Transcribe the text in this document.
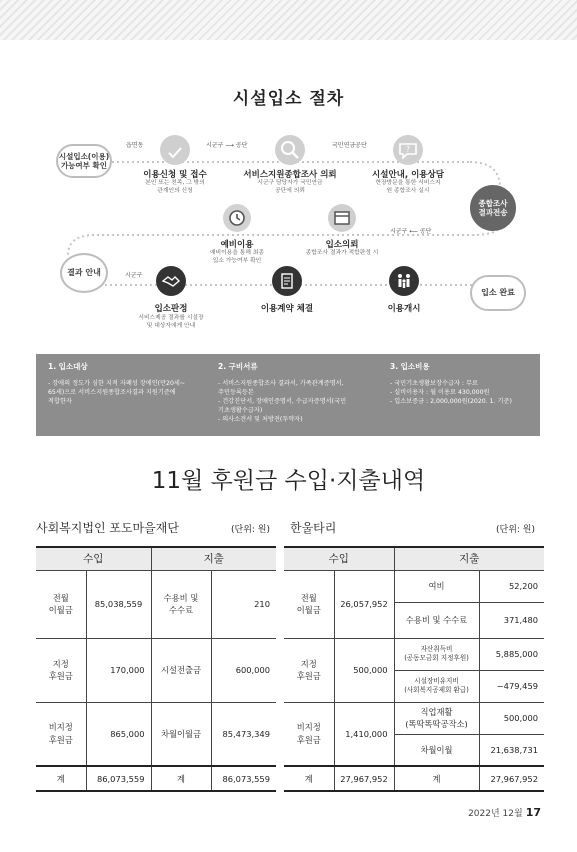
시설입소 절차
?
시설입소(이용)
가능여부 확인
종합조사
결과전송
결과 안내
입소 완료
읍면동	시군구 ⟶ 공단	국민연금공단
시군구 ⟵ 공단
시군구
이용신청 및 접수
본인 또는 친족, 그 밖의
관계인의 신청
서비스지원종합조사 의뢰
시군구 담당자가 국민연금
공단에 의뢰
시설안내, 이용상담
현장방문을 통한 서비스지
원 종합조사 실시
예비이용
예비이용을 통해 최종
입소 가능여부 확인
입소의뢰
종합조사 결과가 적합판정 시
입소판정
서비스제공 결과를 시설장
및 대상자에게 안내
이용계약 체결	이용개시
1. 입소대상
- 장애의 정도가 심한 지적 자폐성 장애인(만20세~
65세)으로 서비스지원종합조사결과 지원기준에
적합한자
2. 구비서류
- 서비스지원종합조사 결과서, 가족관계증명서,
주민등록등본
- 건강진단서, 장애인증명서, 수급자증명서(국민
기초생활수급자)
- 의사소견서 및 처방전(투약자)
3. 입소비용
- 국민기초생활보장수급자 : 무료
- 실비이용자 : 월 이용료 430,000원
- 입소보증금 : 2,000,000원(2020. 1. 기준)
11월 후원금 수입·지출내역
사회복지법인 포도마을재단	(단위: 원) 한울타리	(단위: 원)
수입		지출	
전월
이월금	85,038,559	수용비 및
수수료	210
지정
후원금	170,000	시설전출금	600,000
비지정
후원금	865,000	차월이월금	85,473,349
계	86,073,559	계	86,073,559
수입		지출	
전월
이월금	26,057,952	여비	52,200
		수용비 및 수수료	371,480
지정
후원금	500,000	자산취득비
(공동모금회 지정후원)	5,885,000
		시설장비유지비
(사회복지공제회 환급)	−479,459
비지정
후원금	1,410,000	직업재활
(똑딱똑딱공작소)	500,000
		차월이월	21,638,731
계	27,967,952	계	27,967,952
2022년 12월 17
